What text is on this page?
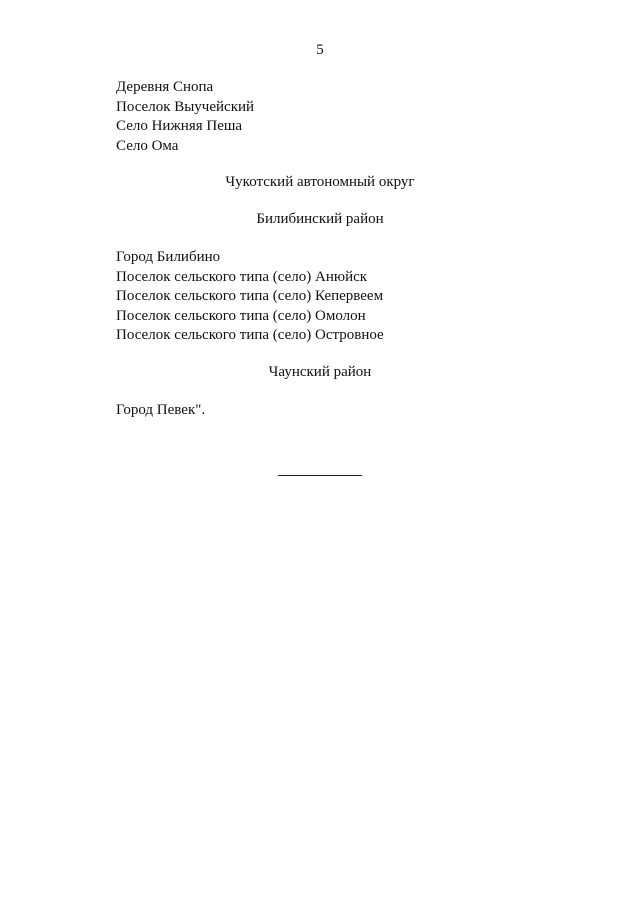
5
Деревня Снопа
Поселок Выучейский
Село Нижняя Пеша
Село Ома
Чукотский автономный округ
Билибинский район
Город Билибино
Поселок сельского типа (село) Анюйск
Поселок сельского типа (село) Кепервеем
Поселок сельского типа (село) Омолон
Поселок сельского типа (село) Островное
Чаунский район
Город Певек".
